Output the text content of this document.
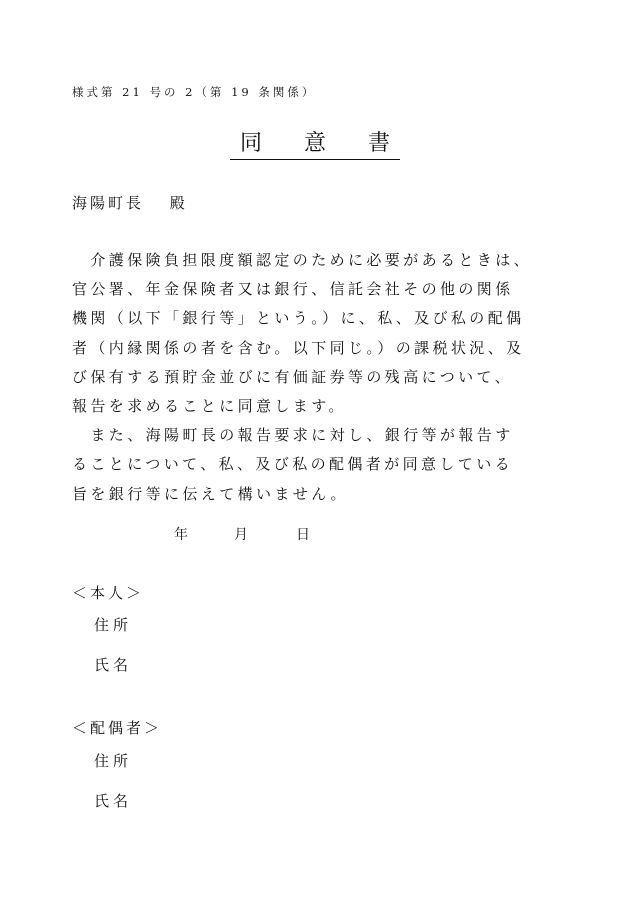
様式第 21 号の 2（第 19 条関係）
同　意　書
海陽町長　 殿
　介護保険負担限度額認定のために必要があるときは、
官公署、年金保険者又は銀行、信託会社その他の関係
機関（以下「銀行等」という。）に、私、及び私の配偶
者（内縁関係の者を含む。以下同じ。）の課税状況、及
び保有する預貯金並びに有価証券等の残高について、
報告を求めることに同意します。
　また、海陽町長の報告要求に対し、銀行等が報告す
ることについて、私、及び私の配偶者が同意している
旨を銀行等に伝えて構いません。
年	月	日
＜本人＞
住所
氏名
＜配偶者＞
住所
氏名
